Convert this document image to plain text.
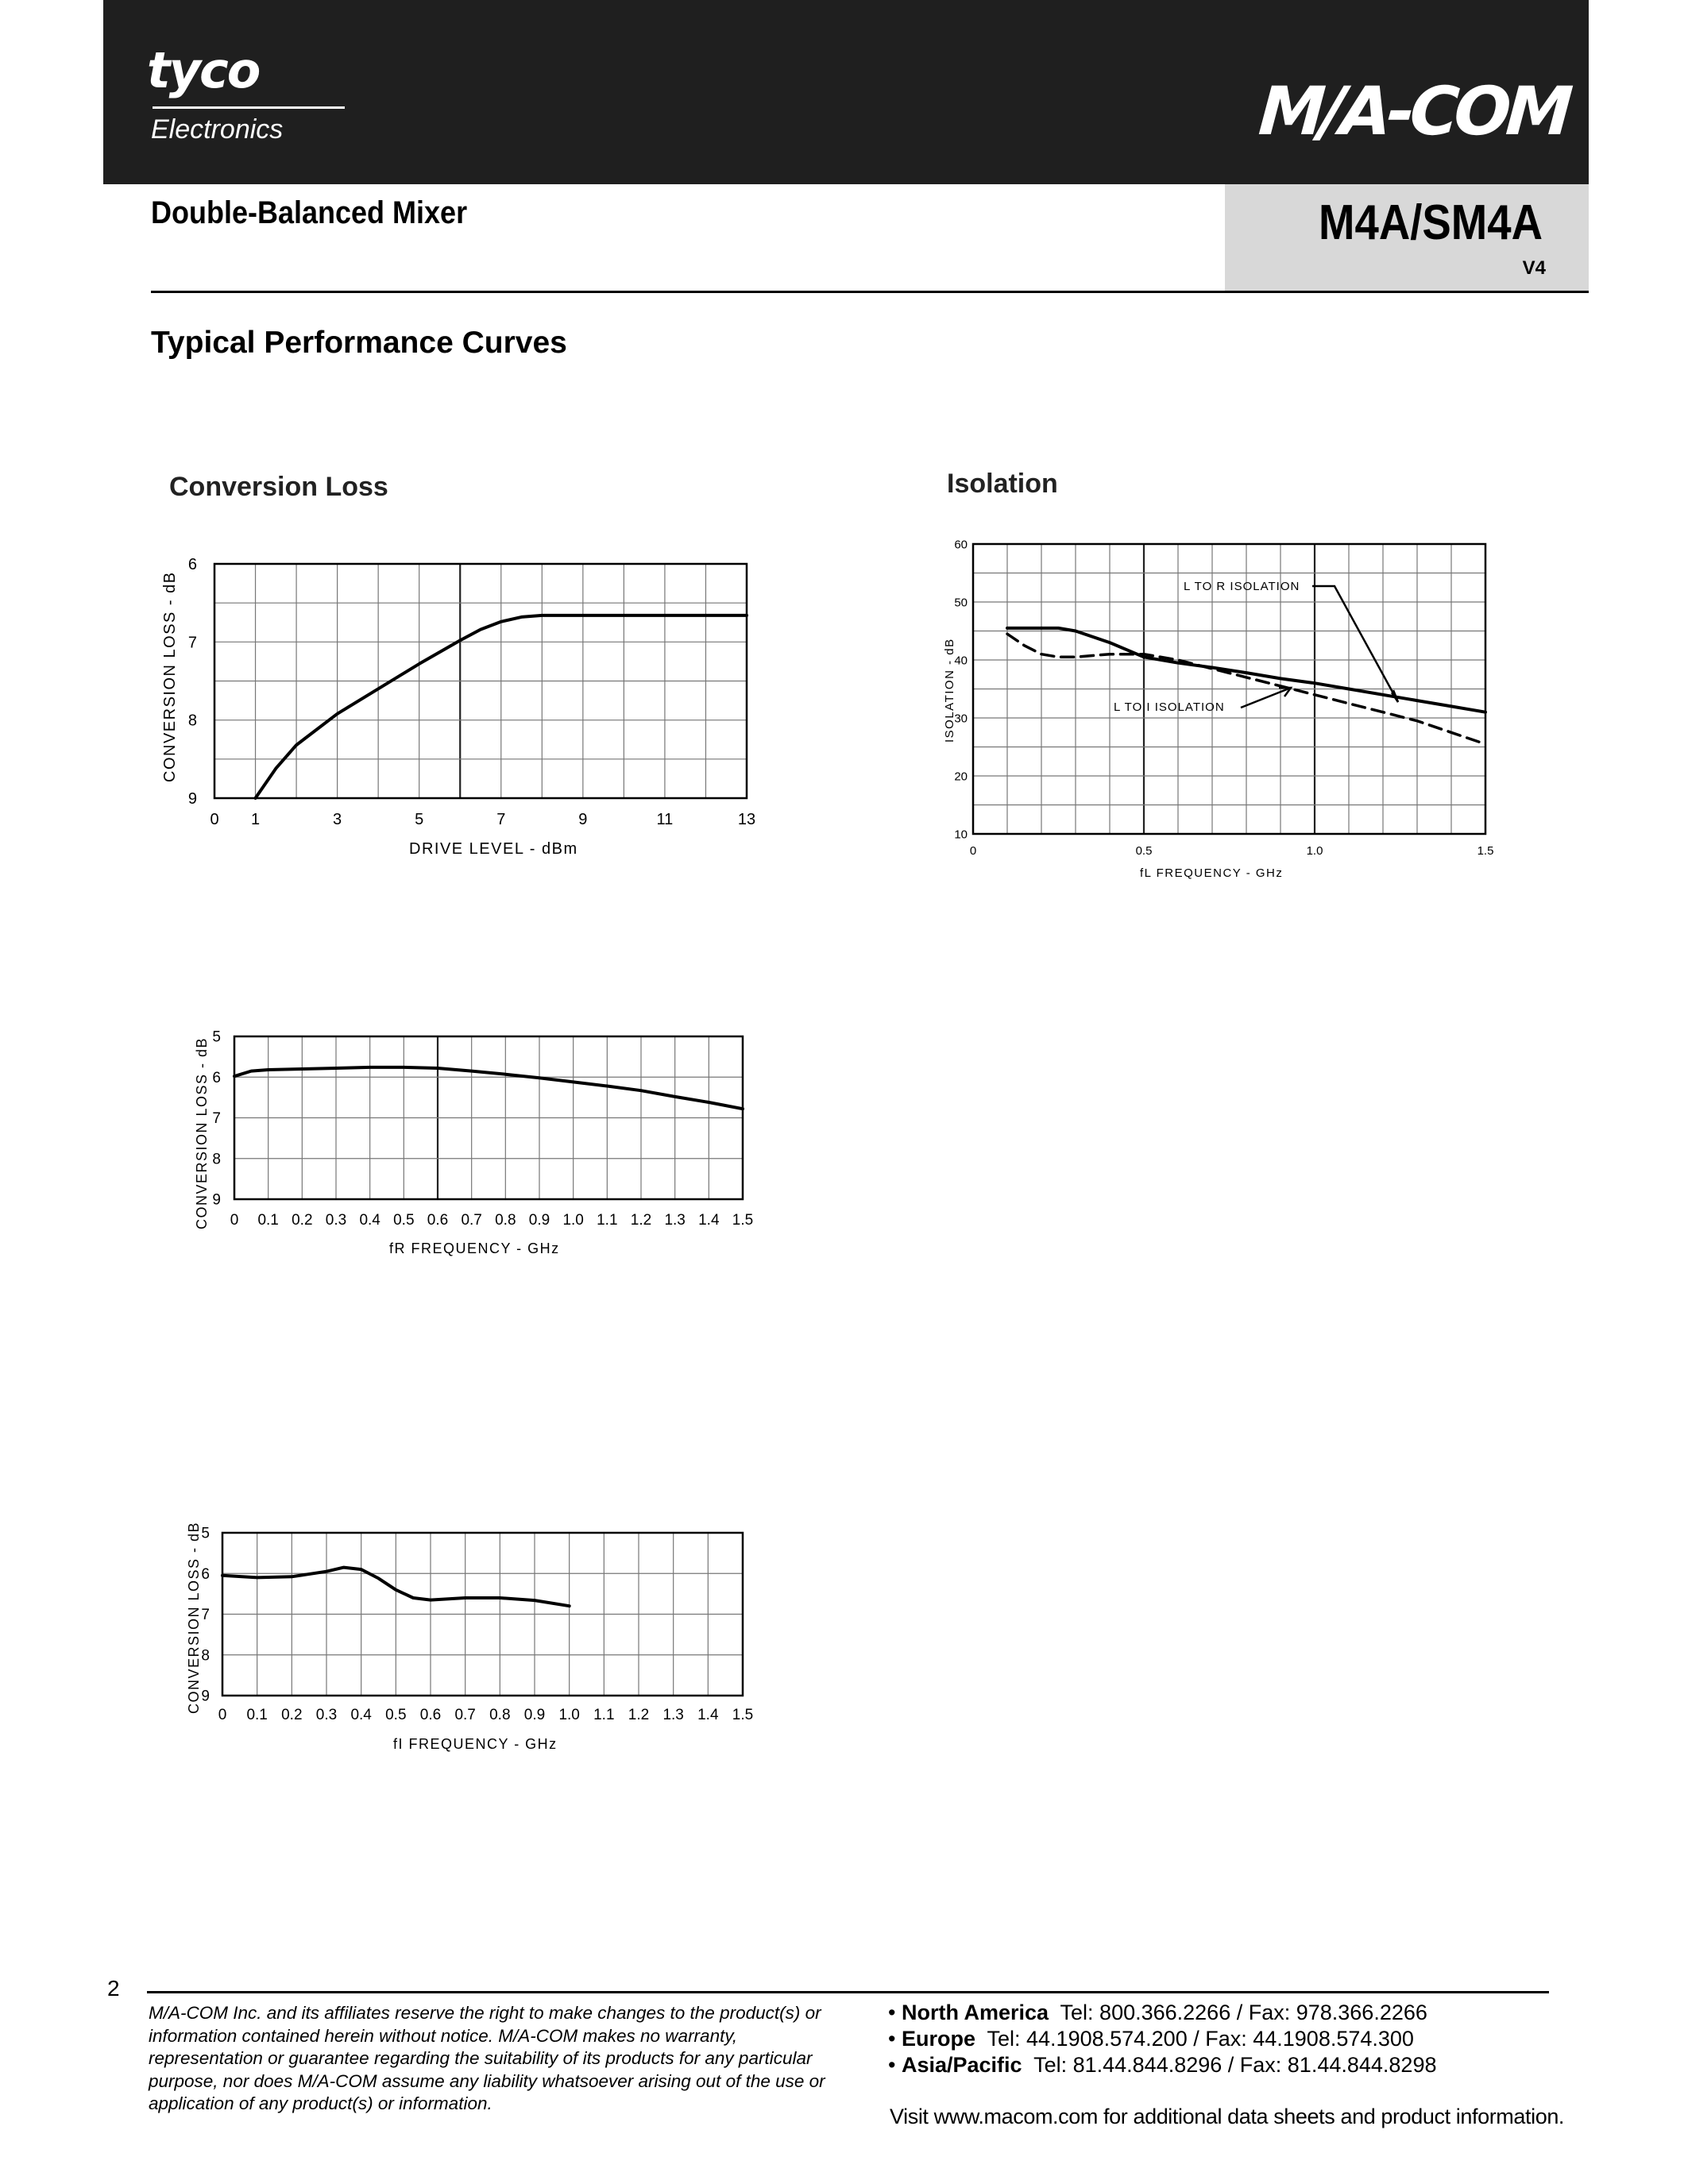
tyco
Electronics	M/A-COM
Double-Balanced Mixer	M4A/SM4A
V4
Typical Performance Curves
Conversion Loss
0 1	3	5	7	9	11	13
6
7
8
9
DRIVE LEVEL - dBm
CONVERSION LOSS - dB
Isolation
0	0.5	1.0	1.5
10
20
30
40
50
60
fL FREQUENCY - GHz
ISOLATION - dB
L TO R ISOLATION
L TO I ISOLATION
0 0.1 0.2 0.3 0.4 0.5 0.6 0.7 0.8 0.9 1.0 1.1 1.2 1.3 1.4 1.5
5
6
7
8
9
fR FREQUENCY - GHz
CONVERSION LOSS - dB
0 0.1 0.2 0.3 0.4 0.5 0.6 0.7 0.8 0.9 1.0 1.1 1.2 1.3 1.4 1.5
5
6
7
8
9
fI FREQUENCY - GHz
CONVERSION LOSS - dB
2
M/A-COM Inc. and its affiliates reserve the right to make changes to the product(s) or information contained herein without notice. M/A-COM makes no warranty, representation or guarantee regarding the suitability of its products for any particular purpose, nor does M/A-COM assume any liability whatsoever arising out of the use or application of any product(s) or information.
• North America Tel: 800.366.2266 / Fax: 978.366.2266
• Europe Tel: 44.1908.574.200 / Fax: 44.1908.574.300
• Asia/Pacific Tel: 81.44.844.8296 / Fax: 81.44.844.8298
Visit www.macom.com for additional data sheets and product information.
